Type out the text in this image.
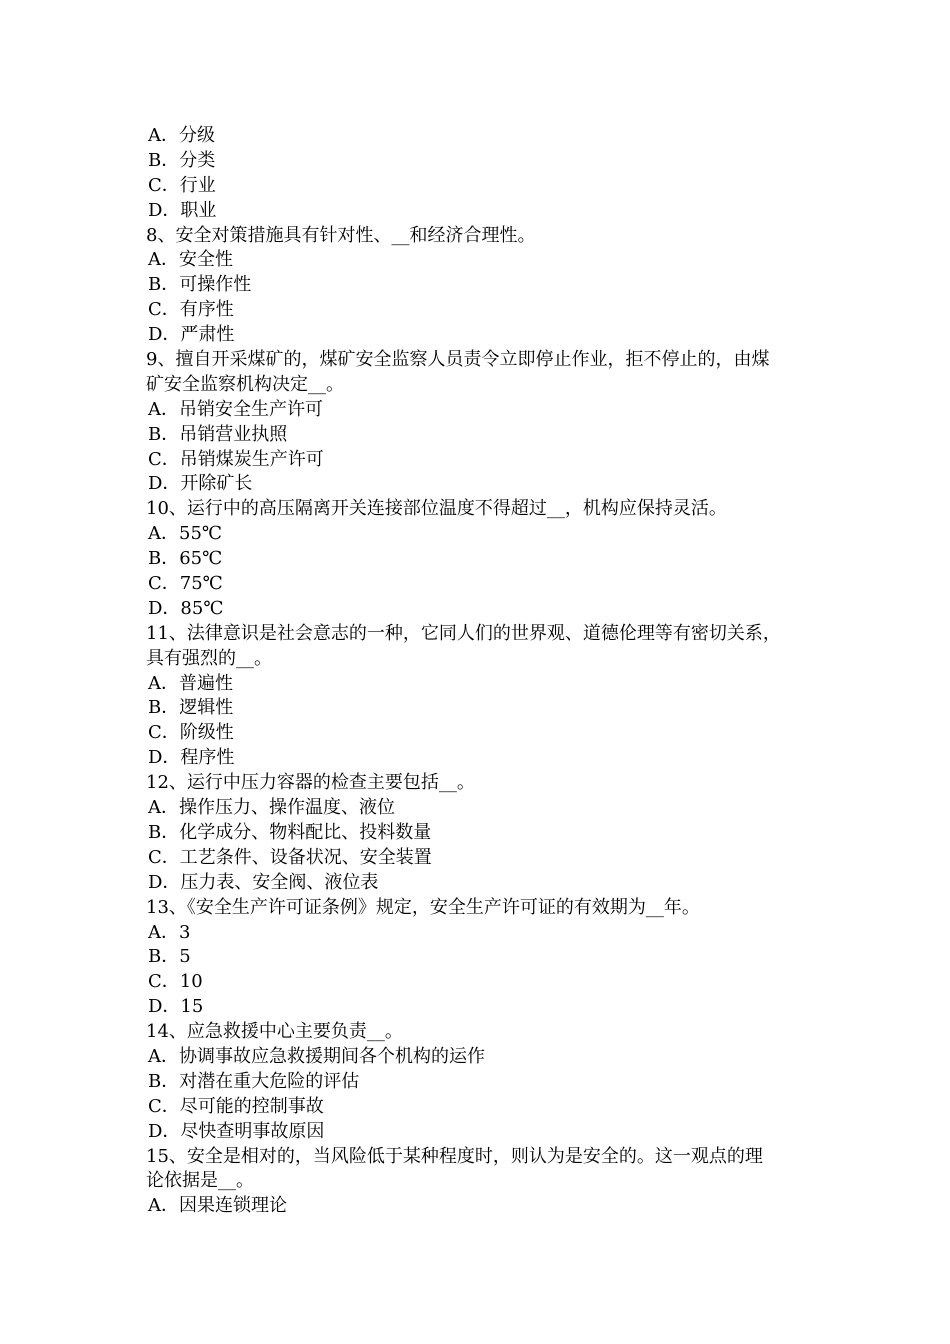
A．分级
B．分类
C．行业
D．职业
8、安全对策措施具有针对性、__和经济合理性。
A．安全性
B．可操作性
C．有序性
D．严肃性
9、擅自开采煤矿的，煤矿安全监察人员责令立即停止作业，拒不停止的，由煤
矿安全监察机构决定__。
A．吊销安全生产许可
B．吊销营业执照
C．吊销煤炭生产许可
D．开除矿长
10、运行中的高压隔离开关连接部位温度不得超过__，机构应保持灵活。
A．55℃
B．65℃
C．75℃
D．85℃
11、法律意识是社会意志的一种，它同人们的世界观、道德伦理等有密切关系，
具有强烈的__。
A．普遍性
B．逻辑性
C．阶级性
D．程序性
12、运行中压力容器的检查主要包括__。
A．操作压力、操作温度、液位
B．化学成分、物料配比、投料数量
C．工艺条件、设备状况、安全装置
D．压力表、安全阀、液位表
13、《安全生产许可证条例》规定，安全生产许可证的有效期为__年。
A．3
B．5
C．10
D．15
14、应急救援中心主要负责__。
A．协调事故应急救援期间各个机构的运作
B．对潜在重大危险的评估
C．尽可能的控制事故
D．尽快查明事故原因
15、安全是相对的，当风险低于某种程度时，则认为是安全的。这一观点的理
论依据是__。
A．因果连锁理论
